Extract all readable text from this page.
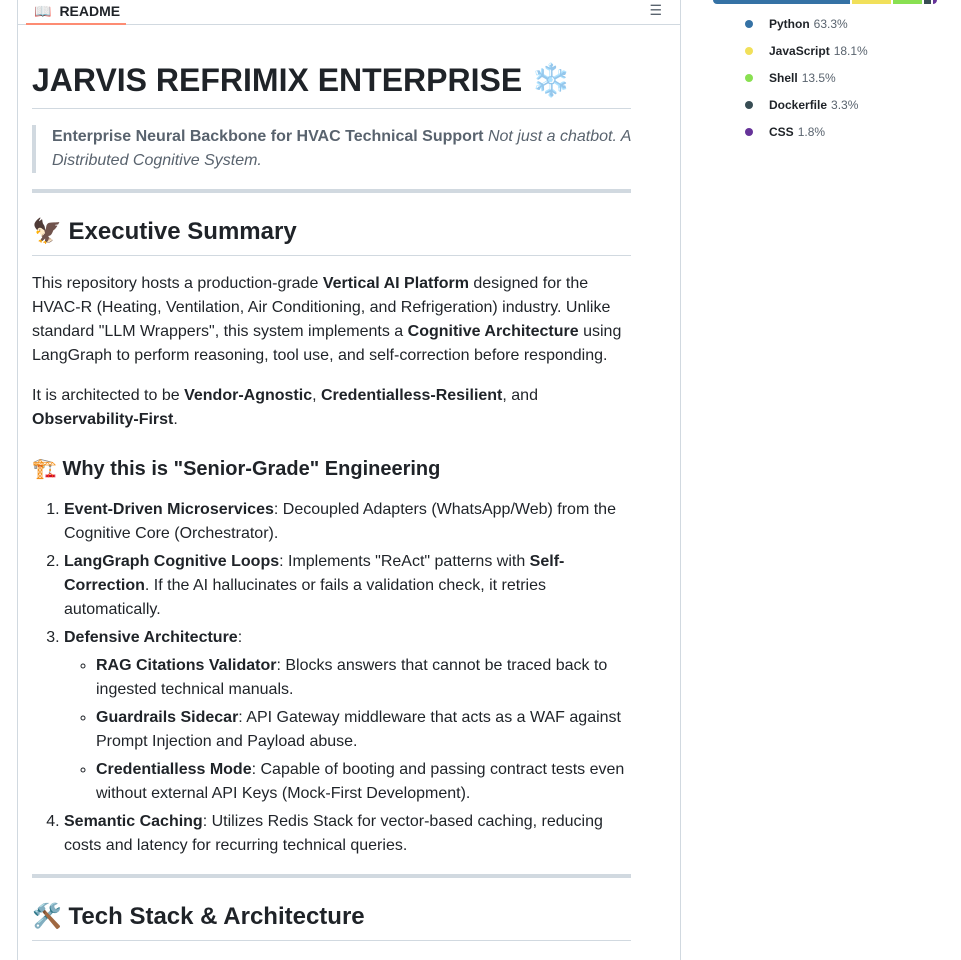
📖 README	☰
JARVIS REFRIMIX ENTERPRISE ❄️
Enterprise Neural Backbone for HVAC Technical Support Not just a chatbot. A Distributed Cognitive System.
🦅 Executive Summary

This repository hosts a production-grade Vertical AI Platform designed for the HVAC-R (Heating, Ventilation, Air Conditioning, and Refrigeration) industry. Unlike standard "LLM Wrappers", this system implements a Cognitive Architecture using LangGraph to perform reasoning, tool use, and self-correction before responding.

It is architected to be Vendor-Agnostic, Credentialless-Resilient, and Observability-First.

🏗️ Why this is "Senior-Grade" Engineering
1. Event-Driven Microservices: Decoupled Adapters (WhatsApp/Web) from the Cognitive Core (Orchestrator).
2. LangGraph Cognitive Loops: Implements "ReAct" patterns with Self-Correction. If the AI hallucinates or fails a validation check, it retries automatically.
3. Defensive Architecture:
◦ RAG Citations Validator: Blocks answers that cannot be traced back to ingested technical manuals.
◦ Guardrails Sidecar: API Gateway middleware that acts as a WAF against Prompt Injection and Payload abuse.
◦ Credentialless Mode: Capable of booting and passing contract tests even without external API Keys (Mock-First Development).
4. Semantic Caching: Utilizes Redis Stack for vector-based caching, reducing costs and latency for recurring technical queries.
🛠️ Tech Stack & Architecture
Python 63.3%
JavaScript 18.1%
Shell 13.5%
Dockerfile 3.3%
CSS 1.8%
